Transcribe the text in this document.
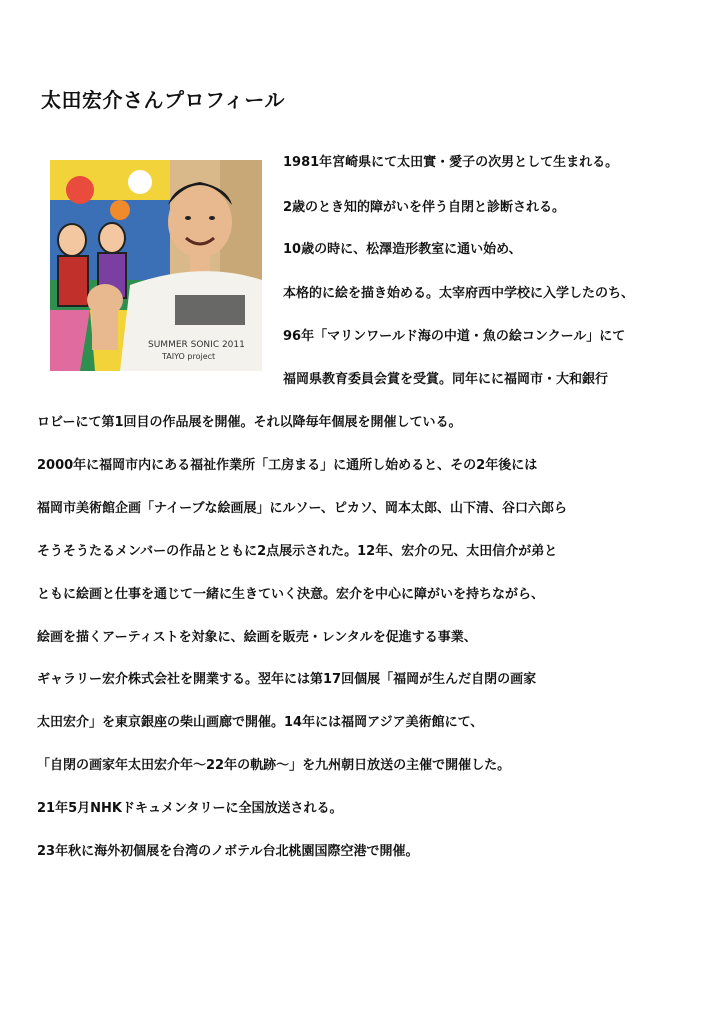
太田宏介さんプロフィール
SUMMER SONIC 2011
TAIYO project
1981年宮崎県にて太田實・愛子の次男として生まれる。
2歳のとき知的障がいを伴う自閉と診断される。
10歳の時に、松澤造形教室に通い始め、
本格的に絵を描き始める。太宰府西中学校に入学したのち、
96年「マリンワールド海の中道・魚の絵コンクール」にて
福岡県教育委員会賞を受賞。同年にに福岡市・大和銀行
ロビーにて第1回目の作品展を開催。それ以降毎年個展を開催している。
2000年に福岡市内にある福祉作業所「工房まる」に通所し始めると、その2年後には
福岡市美術館企画「ナイーブな絵画展」にルソー、ピカソ、岡本太郎、山下清、谷口六郎ら
そうそうたるメンバーの作品とともに2点展示された。12年、宏介の兄、太田信介が弟と
ともに絵画と仕事を通じて一緒に生きていく決意。宏介を中心に障がいを持ちながら、
絵画を描くアーティストを対象に、絵画を販売・レンタルを促進する事業、
ギャラリー宏介株式会社を開業する。翌年には第17回個展「福岡が生んだ自閉の画家
太田宏介」を東京銀座の柴山画廊で開催。14年には福岡アジア美術館にて、
「自閉の画家年太田宏介年～22年の軌跡～」を九州朝日放送の主催で開催した。
21年5月NHKドキュメンタリーに全国放送される。
23年秋に海外初個展を台湾のノボテル台北桃園国際空港で開催。
